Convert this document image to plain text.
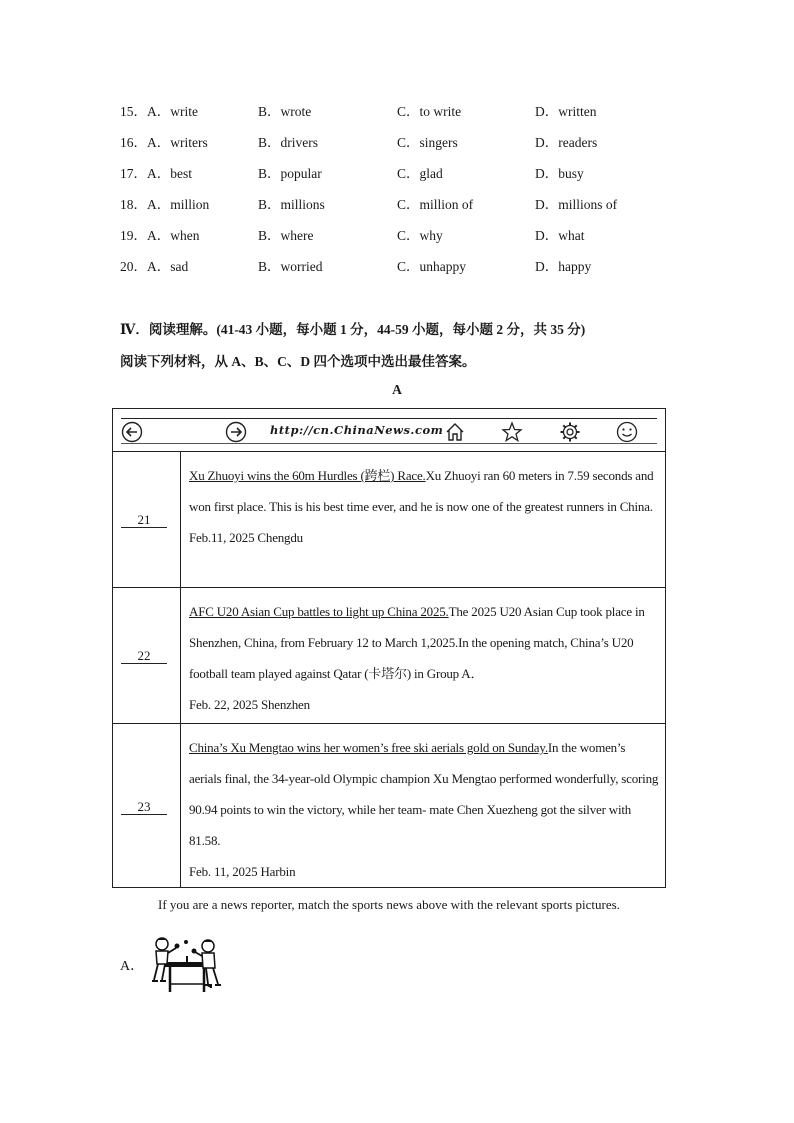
15．A．write	B．wrote	C．to write	D．written
16．A．writers	B．drivers	C．singers	D．readers
17．A．best	B．popular	C．glad	D．busy
18．A．million	B．millions	C．million of	D．millions of
19．A．when	B．where	C．why	D．what
20．A．sad	B．worried	C．unhappy	D．happy
Ⅳ．阅读理解。(41-43 小题，每小题 1 分，44-59 小题，每小题 2 分，共 35 分)
阅读下列材料，从 A、B、C、D 四个选项中选出最佳答案。
A
http://cn.ChinaNews.com
21
Xu Zhuoyi wins the 60m Hurdles (跨栏) Race.Xu Zhuoyi ran 60 meters in 7.59 seconds and won first place. This is his best time ever, and he is now one of the greatest runners in China.
Feb.11, 2025 Chengdu
22
AFC U20 Asian Cup battles to light up China 2025.The 2025 U20 Asian Cup took place in Shenzhen, China, from February 12 to March 1,2025.In the opening match, China’s U20 football team played against Qatar (卡塔尔) in Group A．
Feb. 22, 2025 Shenzhen
23
China’s Xu Mengtao wins her women’s free ski aerials gold on Sunday.In the women’s aerials final, the 34-year-old Olympic champion Xu Mengtao performed wonderfully, scoring 90.94 points to win the victory, while her team- mate Chen Xuezheng got the silver with 81.58.
Feb. 11, 2025 Harbin
If you are a news reporter, match the sports news above with the relevant sports pictures.
A．
